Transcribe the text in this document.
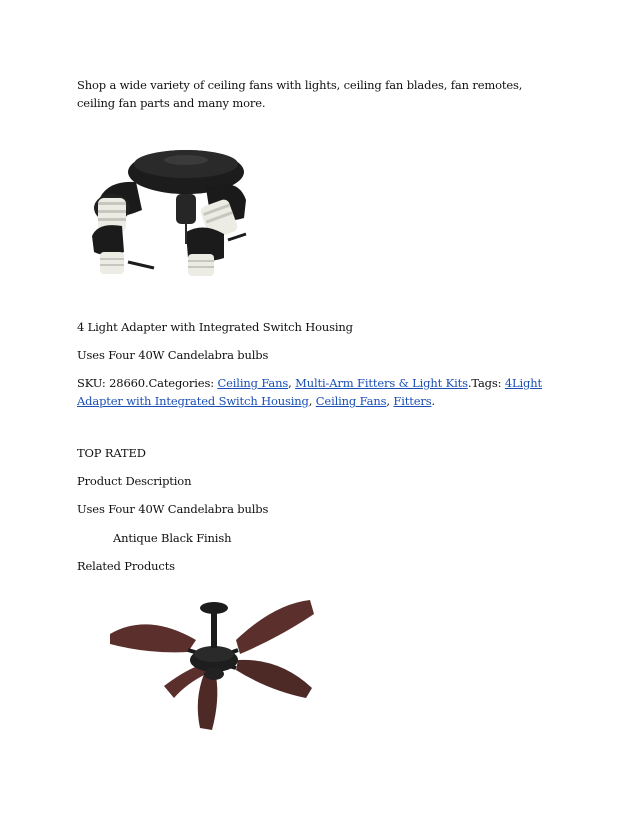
Shop a wide variety of ceiling fans with lights, ceiling fan blades, fan remotes, ceiling fan parts and many more.

4 Light Adapter with Integrated Switch Housing

Uses Four 40W Candelabra bulbs

SKU: 28660.Categories: Ceiling Fans, Multi-Arm Fitters & Light Kits.Tags: 4Light Adapter with Integrated Switch Housing, Ceiling Fans, Fitters.

TOP RATED

Product Description

Uses Four 40W Candelabra bulbs

Antique Black Finish

Related Products
